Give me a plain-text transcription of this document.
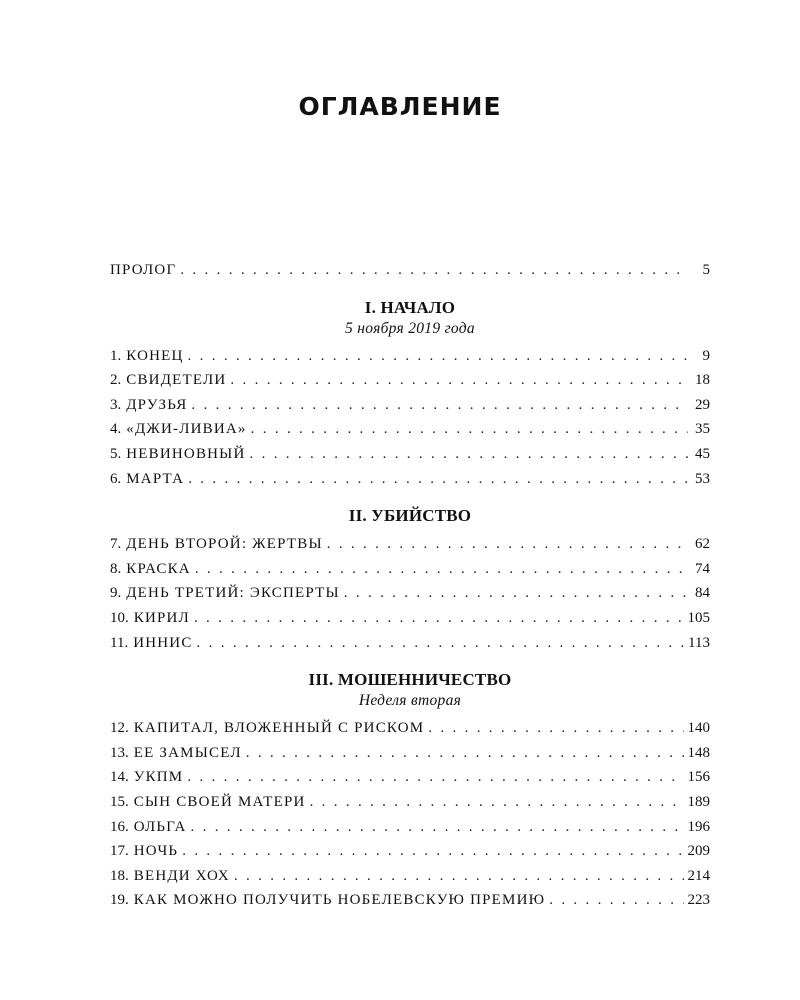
ОГЛАВЛЕНИЕ
ПРОЛОГ . . .	5
I. НАЧАЛО
5 ноября 2019 года
1. КОНЕЦ . . .	9
2. СВИДЕТЕЛИ . . .	18
3. ДРУЗЬЯ . . .	29
4. «ДЖИ-ЛИВИА» . . .	35
5. НЕВИНОВНЫЙ . . .	45
6. МАРТА . . .	53
II. УБИЙСТВО
7. ДЕНЬ ВТОРОЙ: ЖЕРТВЫ . . .	62
8. КРАСКА . . .	74
9. ДЕНЬ ТРЕТИЙ: ЭКСПЕРТЫ . . .	84
10. КИРИЛ . . .	105
11. ИННИС . . .	113
III. МОШЕННИЧЕСТВО
Неделя вторая
12. КАПИТАЛ, ВЛОЖЕННЫЙ С РИСКОМ . . .	140
13. ЕЕ ЗАМЫСЕЛ . . .	148
14. УКПМ . . .	156
15. СЫН СВОЕЙ МАТЕРИ . . .	189
16. ОЛЬГА . . .	196
17. НОЧЬ . . .	209
18. ВЕНДИ ХОХ . . .	214
19. КАК МОЖНО ПОЛУЧИТЬ НОБЕЛЕВСКУЮ ПРЕМИЮ . . .	223
